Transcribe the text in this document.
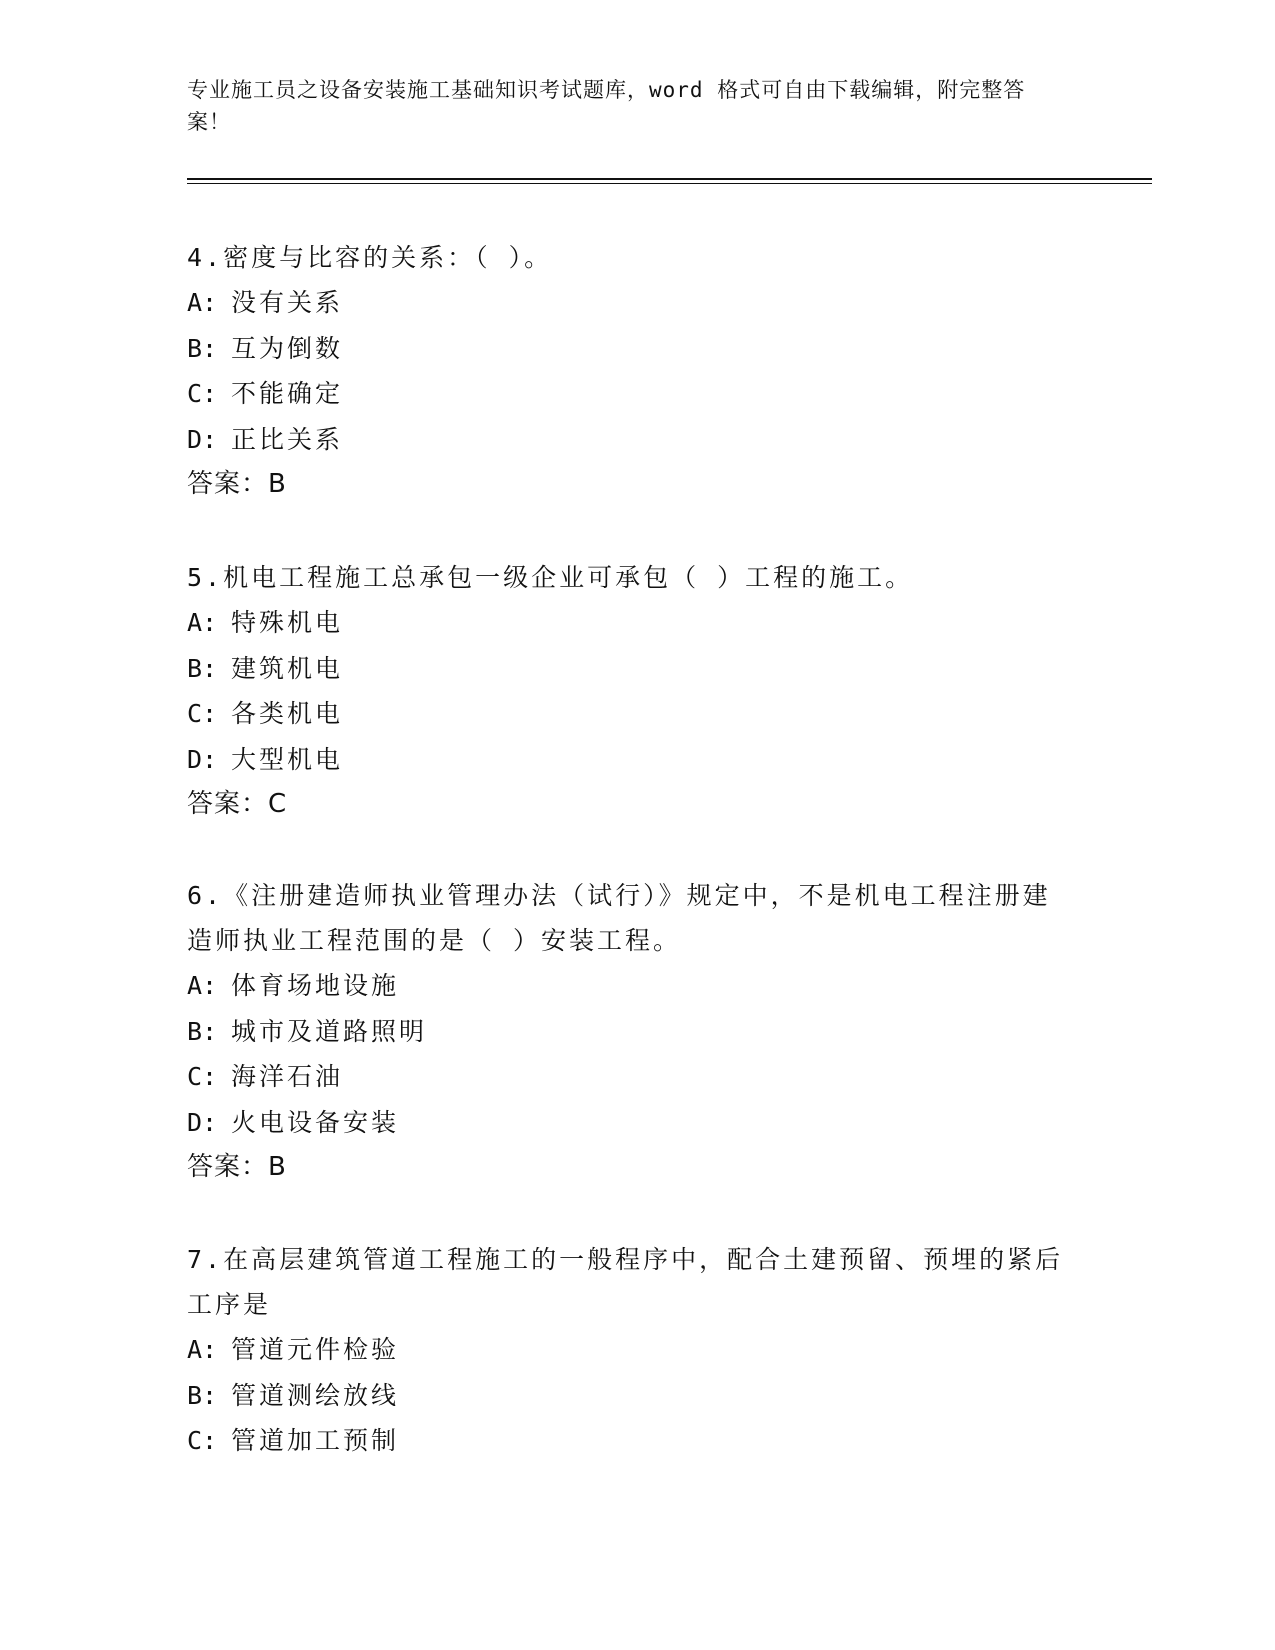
专业施工员之设备安装施工基础知识考试题库，word 格式可自由下载编辑，附完整答案！
4.密度与比容的关系：（ ）。
A: 没有关系
B: 互为倒数
C: 不能确定
D: 正比关系
答案：B
5.机电工程施工总承包一级企业可承包（ ）工程的施工。
A: 特殊机电
B: 建筑机电
C: 各类机电
D: 大型机电
答案：C
6.《注册建造师执业管理办法（试行）》规定中，不是机电工程注册建造师执业工程范围的是（ ）安装工程。
A: 体育场地设施
B: 城市及道路照明
C: 海洋石油
D: 火电设备安装
答案：B
7.在高层建筑管道工程施工的一般程序中，配合土建预留、预埋的紧后工序是
A: 管道元件检验
B: 管道测绘放线
C: 管道加工预制
